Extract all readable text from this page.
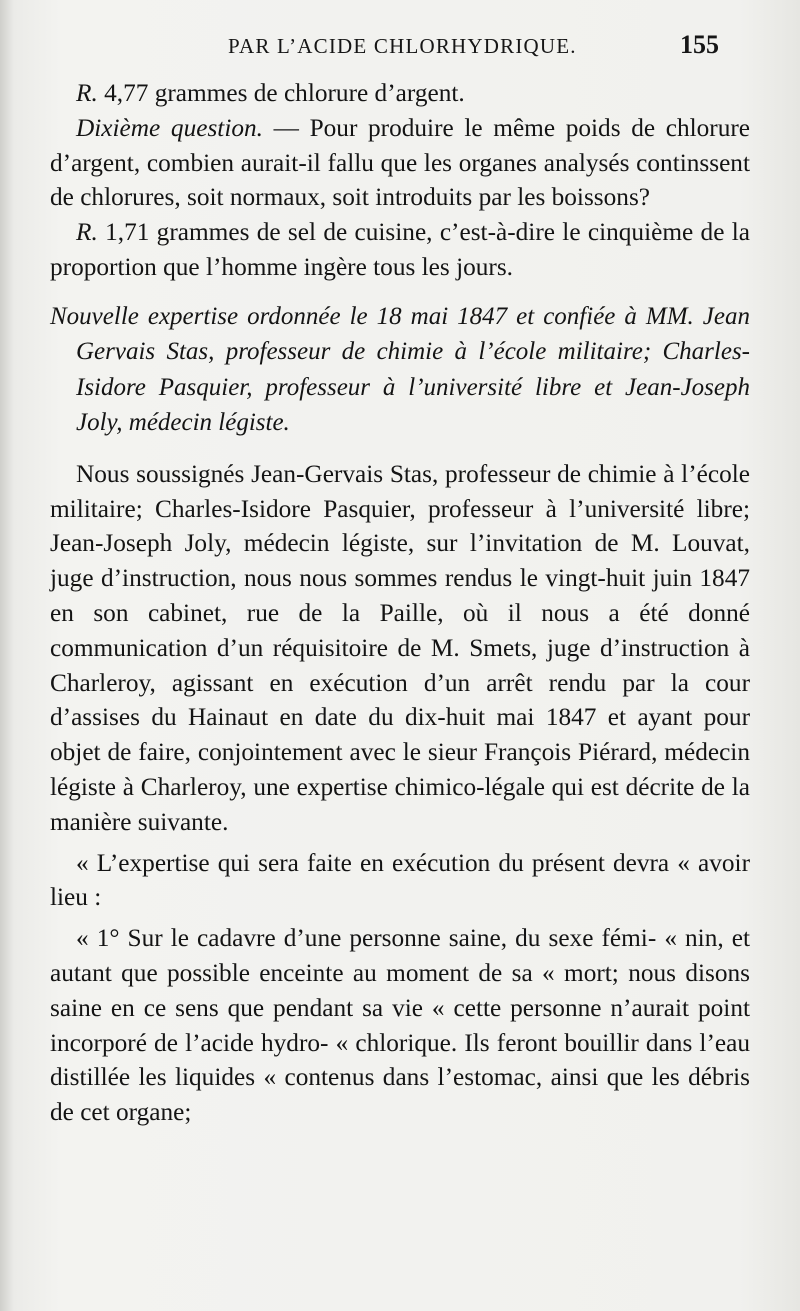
PAR L’ACIDE CHLORHYDRIQUE.	155

R. 4,77 grammes de chlorure d’argent.

Dixième question. — Pour produire le même poids de chlorure d’argent, combien aurait-il fallu que les organes analysés continssent de chlorures, soit normaux, soit introduits par les boissons?

R. 1,71 grammes de sel de cuisine, c’est-à-dire le cinquième de la proportion que l’homme ingère tous les jours.

Nouvelle expertise ordonnée le 18 mai 1847 et confiée à MM. Jean Gervais Stas, professeur de chimie à l’école militaire; Charles-Isidore Pasquier, professeur à l’université libre et Jean-Joseph Joly, médecin légiste.

Nous soussignés Jean-Gervais Stas, professeur de chimie à l’école militaire; Charles-Isidore Pasquier, professeur à l’université libre; Jean-Joseph Joly, médecin légiste, sur l’invitation de M. Louvat, juge d’instruction, nous nous sommes rendus le vingt-huit juin 1847 en son cabinet, rue de la Paille, où il nous a été donné communication d’un réquisitoire de M. Smets, juge d’instruction à Charleroy, agissant en exécution d’un arrêt rendu par la cour d’assises du Hainaut en date du dix-huit mai 1847 et ayant pour objet de faire, conjointement avec le sieur François Piérard, médecin légiste à Charleroy, une expertise chimico-légale qui est décrite de la manière suivante.

« L’expertise qui sera faite en exécution du présent devra « avoir lieu :

« 1° Sur le cadavre d’une personne saine, du sexe fémi- « nin, et autant que possible enceinte au moment de sa « mort; nous disons saine en ce sens que pendant sa vie « cette personne n’aurait point incorporé de l’acide hydro- « chlorique. Ils feront bouillir dans l’eau distillée les liquides « contenus dans l’estomac, ainsi que les débris de cet organe;
